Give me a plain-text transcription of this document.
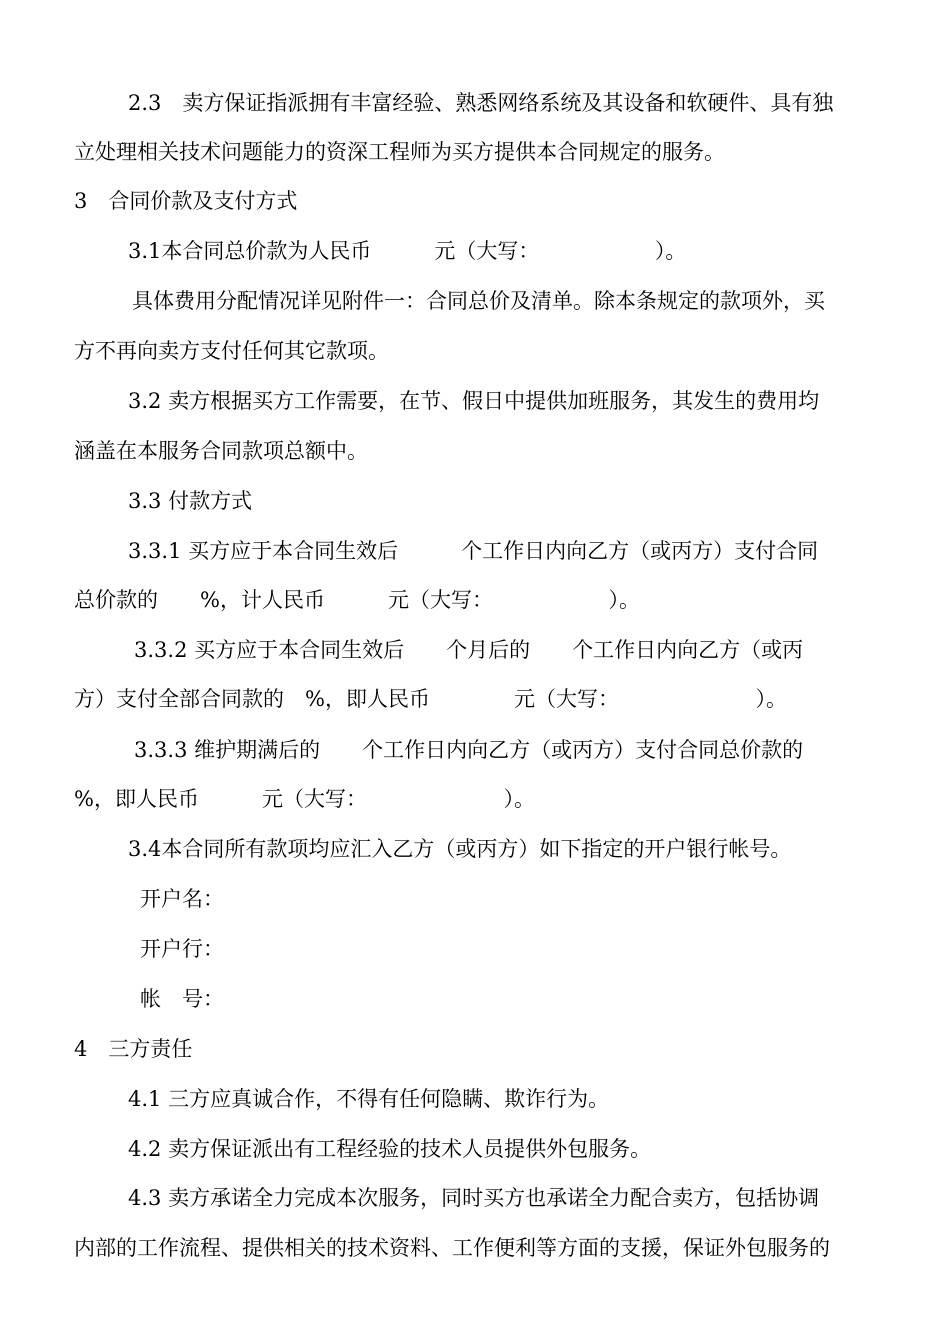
2.3　卖方保证指派拥有丰富经验、熟悉网络系统及其设备和软硬件、具有独
立处理相关技术问题能力的资深工程师为买方提供本合同规定的服务。
3　合同价款及支付方式
3.1本合同总价款为人民币　　　元（大写：　　　　　　）。
具体费用分配情况详见附件一：合同总价及清单。除本条规定的款项外，买
方不再向卖方支付任何其它款项。
3.2 卖方根据买方工作需要，在节、假日中提供加班服务，其发生的费用均
涵盖在本服务合同款项总额中。
3.3 付款方式
3.3.1 买方应于本合同生效后　　　个工作日内向乙方（或丙方）支付合同
总价款的　　%，计人民币　　　元（大写：　　　　　　）。
3.3.2 买方应于本合同生效后　　个月后的　　个工作日内向乙方（或丙
方）支付全部合同款的　%，即人民币　　　　元（大写：　　　　　　　）。
3.3.3 维护期满后的　　个工作日内向乙方（或丙方）支付合同总价款的
%，即人民币　　　元（大写：　　　　　　　）。
3.4本合同所有款项均应汇入乙方（或丙方）如下指定的开户银行帐号。
开户名：
开户行：
帐　号：
4　三方责任
4.1 三方应真诚合作，不得有任何隐瞒、欺诈行为。
4.2 卖方保证派出有工程经验的技术人员提供外包服务。
4.3 卖方承诺全力完成本次服务，同时买方也承诺全力配合卖方，包括协调
内部的工作流程、提供相关的技术资料、工作便利等方面的支援，保证外包服务的
